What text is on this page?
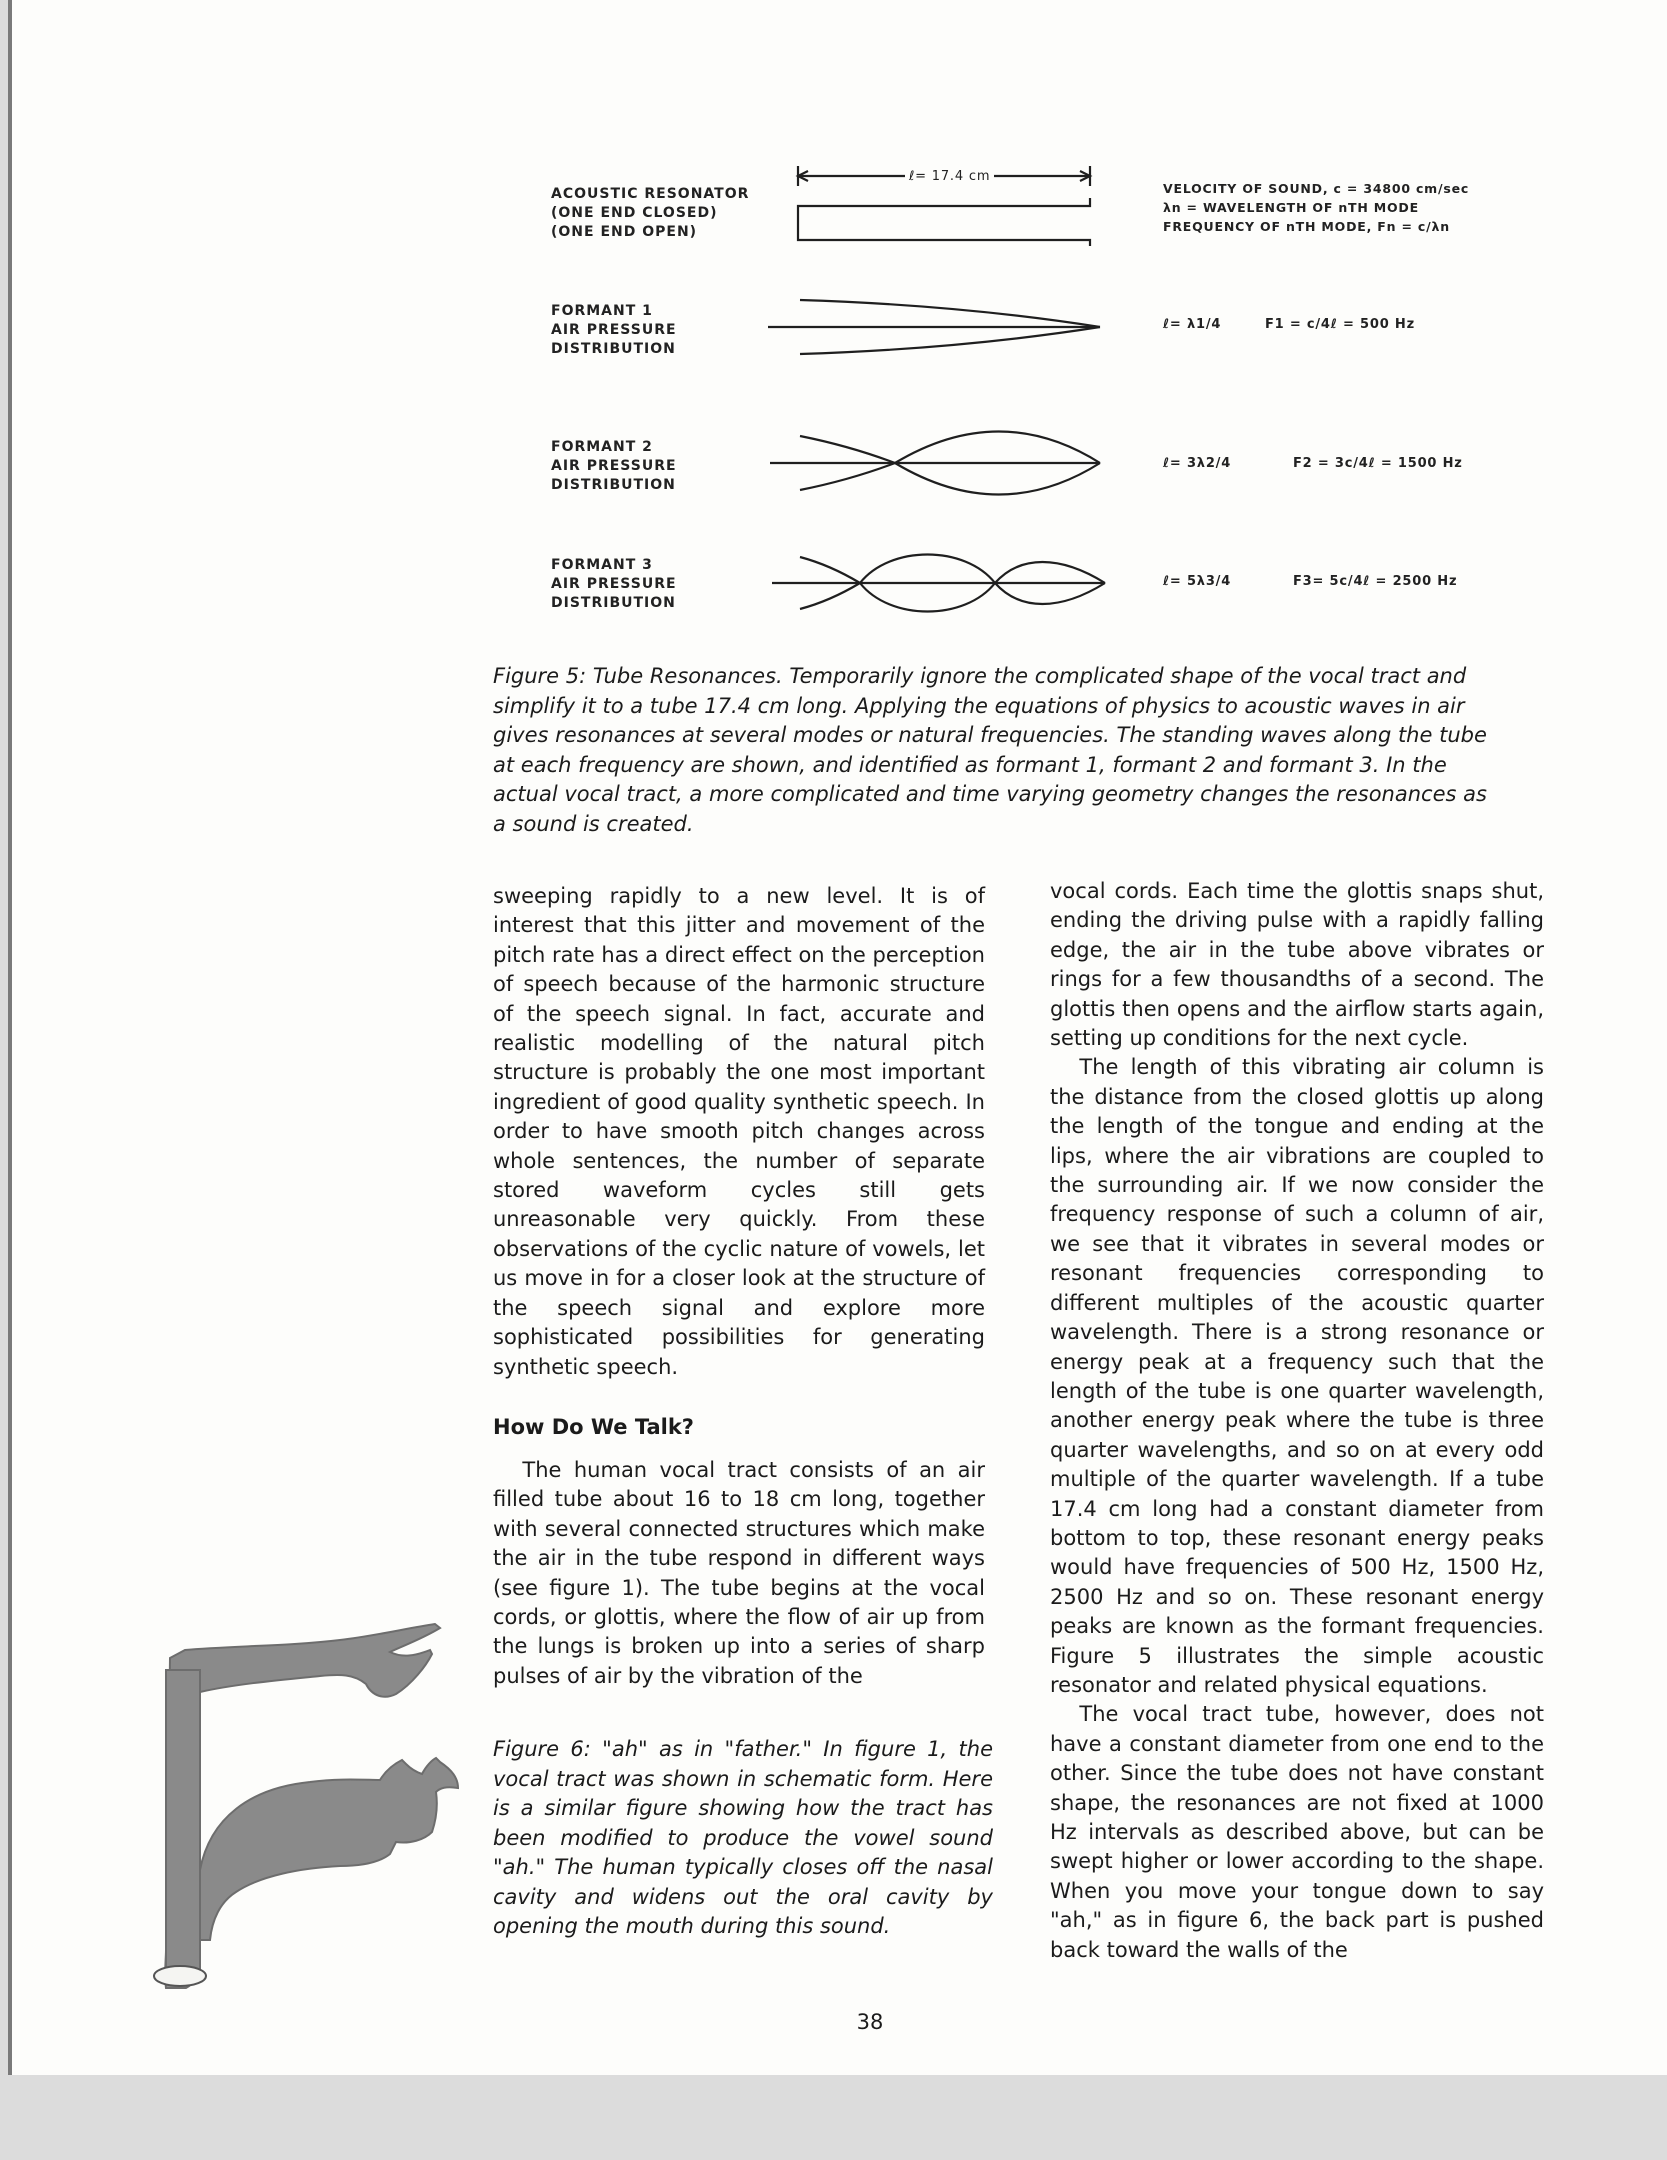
ACOUSTIC RESONATOR
(ONE END CLOSED)
(ONE END OPEN)
FORMANT 1
AIR PRESSURE
DISTRIBUTION
FORMANT 2
AIR PRESSURE
DISTRIBUTION
FORMANT 3
AIR PRESSURE
DISTRIBUTION
ℓ= 17.4 cm
VELOCITY OF SOUND, c = 34800 cm/sec
λn = WAVELENGTH OF nTH MODE
FREQUENCY OF nTH MODE, Fn = c/λn
ℓ= λ1/4	F1 = c/4ℓ = 500 Hz
ℓ= 3λ2/4	F2 = 3c/4ℓ = 1500 Hz
ℓ= 5λ3/4	F3= 5c/4ℓ = 2500 Hz
Figure 5: Tube Resonances. Temporarily ignore the complicated shape of the vocal tract and simplify it to a tube 17.4 cm long. Applying the equations of physics to acoustic waves in air gives resonances at several modes or natural frequencies. The standing waves along the tube at each frequency are shown, and identified as formant 1, formant 2 and formant 3. In the actual vocal tract, a more complicated and time varying geometry changes the resonances as a sound is created.

sweeping rapidly to a new level. It is of interest that this jitter and movement of the pitch rate has a direct effect on the perception of speech because of the harmonic structure of the speech signal. In fact, accurate and realistic modelling of the natural pitch structure is probably the one most important ingredient of good quality synthetic speech. In order to have smooth pitch changes across whole sentences, the number of separate stored waveform cycles still gets unreasonable very quickly. From these observations of the cyclic nature of vowels, let us move in for a closer look at the structure of the speech signal and explore more sophisticated possibilities for generating synthetic speech.

How Do We Talk?

The human vocal tract consists of an air filled tube about 16 to 18 cm long, together with several connected structures which make the air in the tube respond in different ways (see figure 1). The tube begins at the vocal cords, or glottis, where the flow of air up from the lungs is broken up into a series of sharp pulses of air by the vibration of the

Figure 6: "ah" as in "father." In figure 1, the vocal tract was shown in schematic form. Here is a similar figure showing how the tract has been modified to produce the vowel sound "ah." The human typically closes off the nasal cavity and widens out the oral cavity by opening the mouth during this sound.

vocal cords. Each time the glottis snaps shut, ending the driving pulse with a rapidly falling edge, the air in the tube above vibrates or rings for a few thousandths of a second. The glottis then opens and the airflow starts again, setting up conditions for the next cycle.

The length of this vibrating air column is the distance from the closed glottis up along the length of the tongue and ending at the lips, where the air vibrations are coupled to the surrounding air. If we now consider the frequency response of such a column of air, we see that it vibrates in several modes or resonant frequencies corresponding to different multiples of the acoustic quarter wavelength. There is a strong resonance or energy peak at a frequency such that the length of the tube is one quarter wavelength, another energy peak where the tube is three quarter wavelengths, and so on at every odd multiple of the quarter wavelength. If a tube 17.4 cm long had a constant diameter from bottom to top, these resonant energy peaks would have frequencies of 500 Hz, 1500 Hz, 2500 Hz and so on. These resonant energy peaks are known as the formant frequencies. Figure 5 illustrates the simple acoustic resonator and related physical equations.

The vocal tract tube, however, does not have a constant diameter from one end to the other. Since the tube does not have constant shape, the resonances are not fixed at 1000 Hz intervals as described above, but can be swept higher or lower according to the shape. When you move your tongue down to say "ah," as in figure 6, the back part is pushed back toward the walls of the

38
